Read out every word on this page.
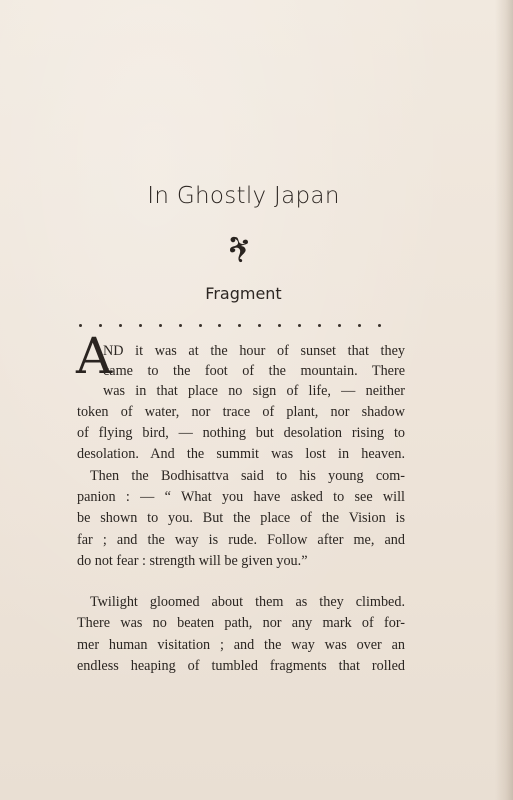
In Ghostly Japan
Fragment
A
ND it was at the hour of sunset that they
came to the foot of the mountain. There
was in that place no sign of life, — neither
token of water, nor trace of plant, nor shadow
of flying bird, — nothing but desolation rising to
desolation. And the summit was lost in heaven.
Then the Bodhisattva said to his young com-
panion : — “ What you have asked to see will
be shown to you. But the place of the Vision is
far ; and the way is rude. Follow after me, and
do not fear : strength will be given you.”
Twilight gloomed about them as they climbed.
There was no beaten path, nor any mark of for-
mer human visitation ; and the way was over an
endless heaping of tumbled fragments that rolled
